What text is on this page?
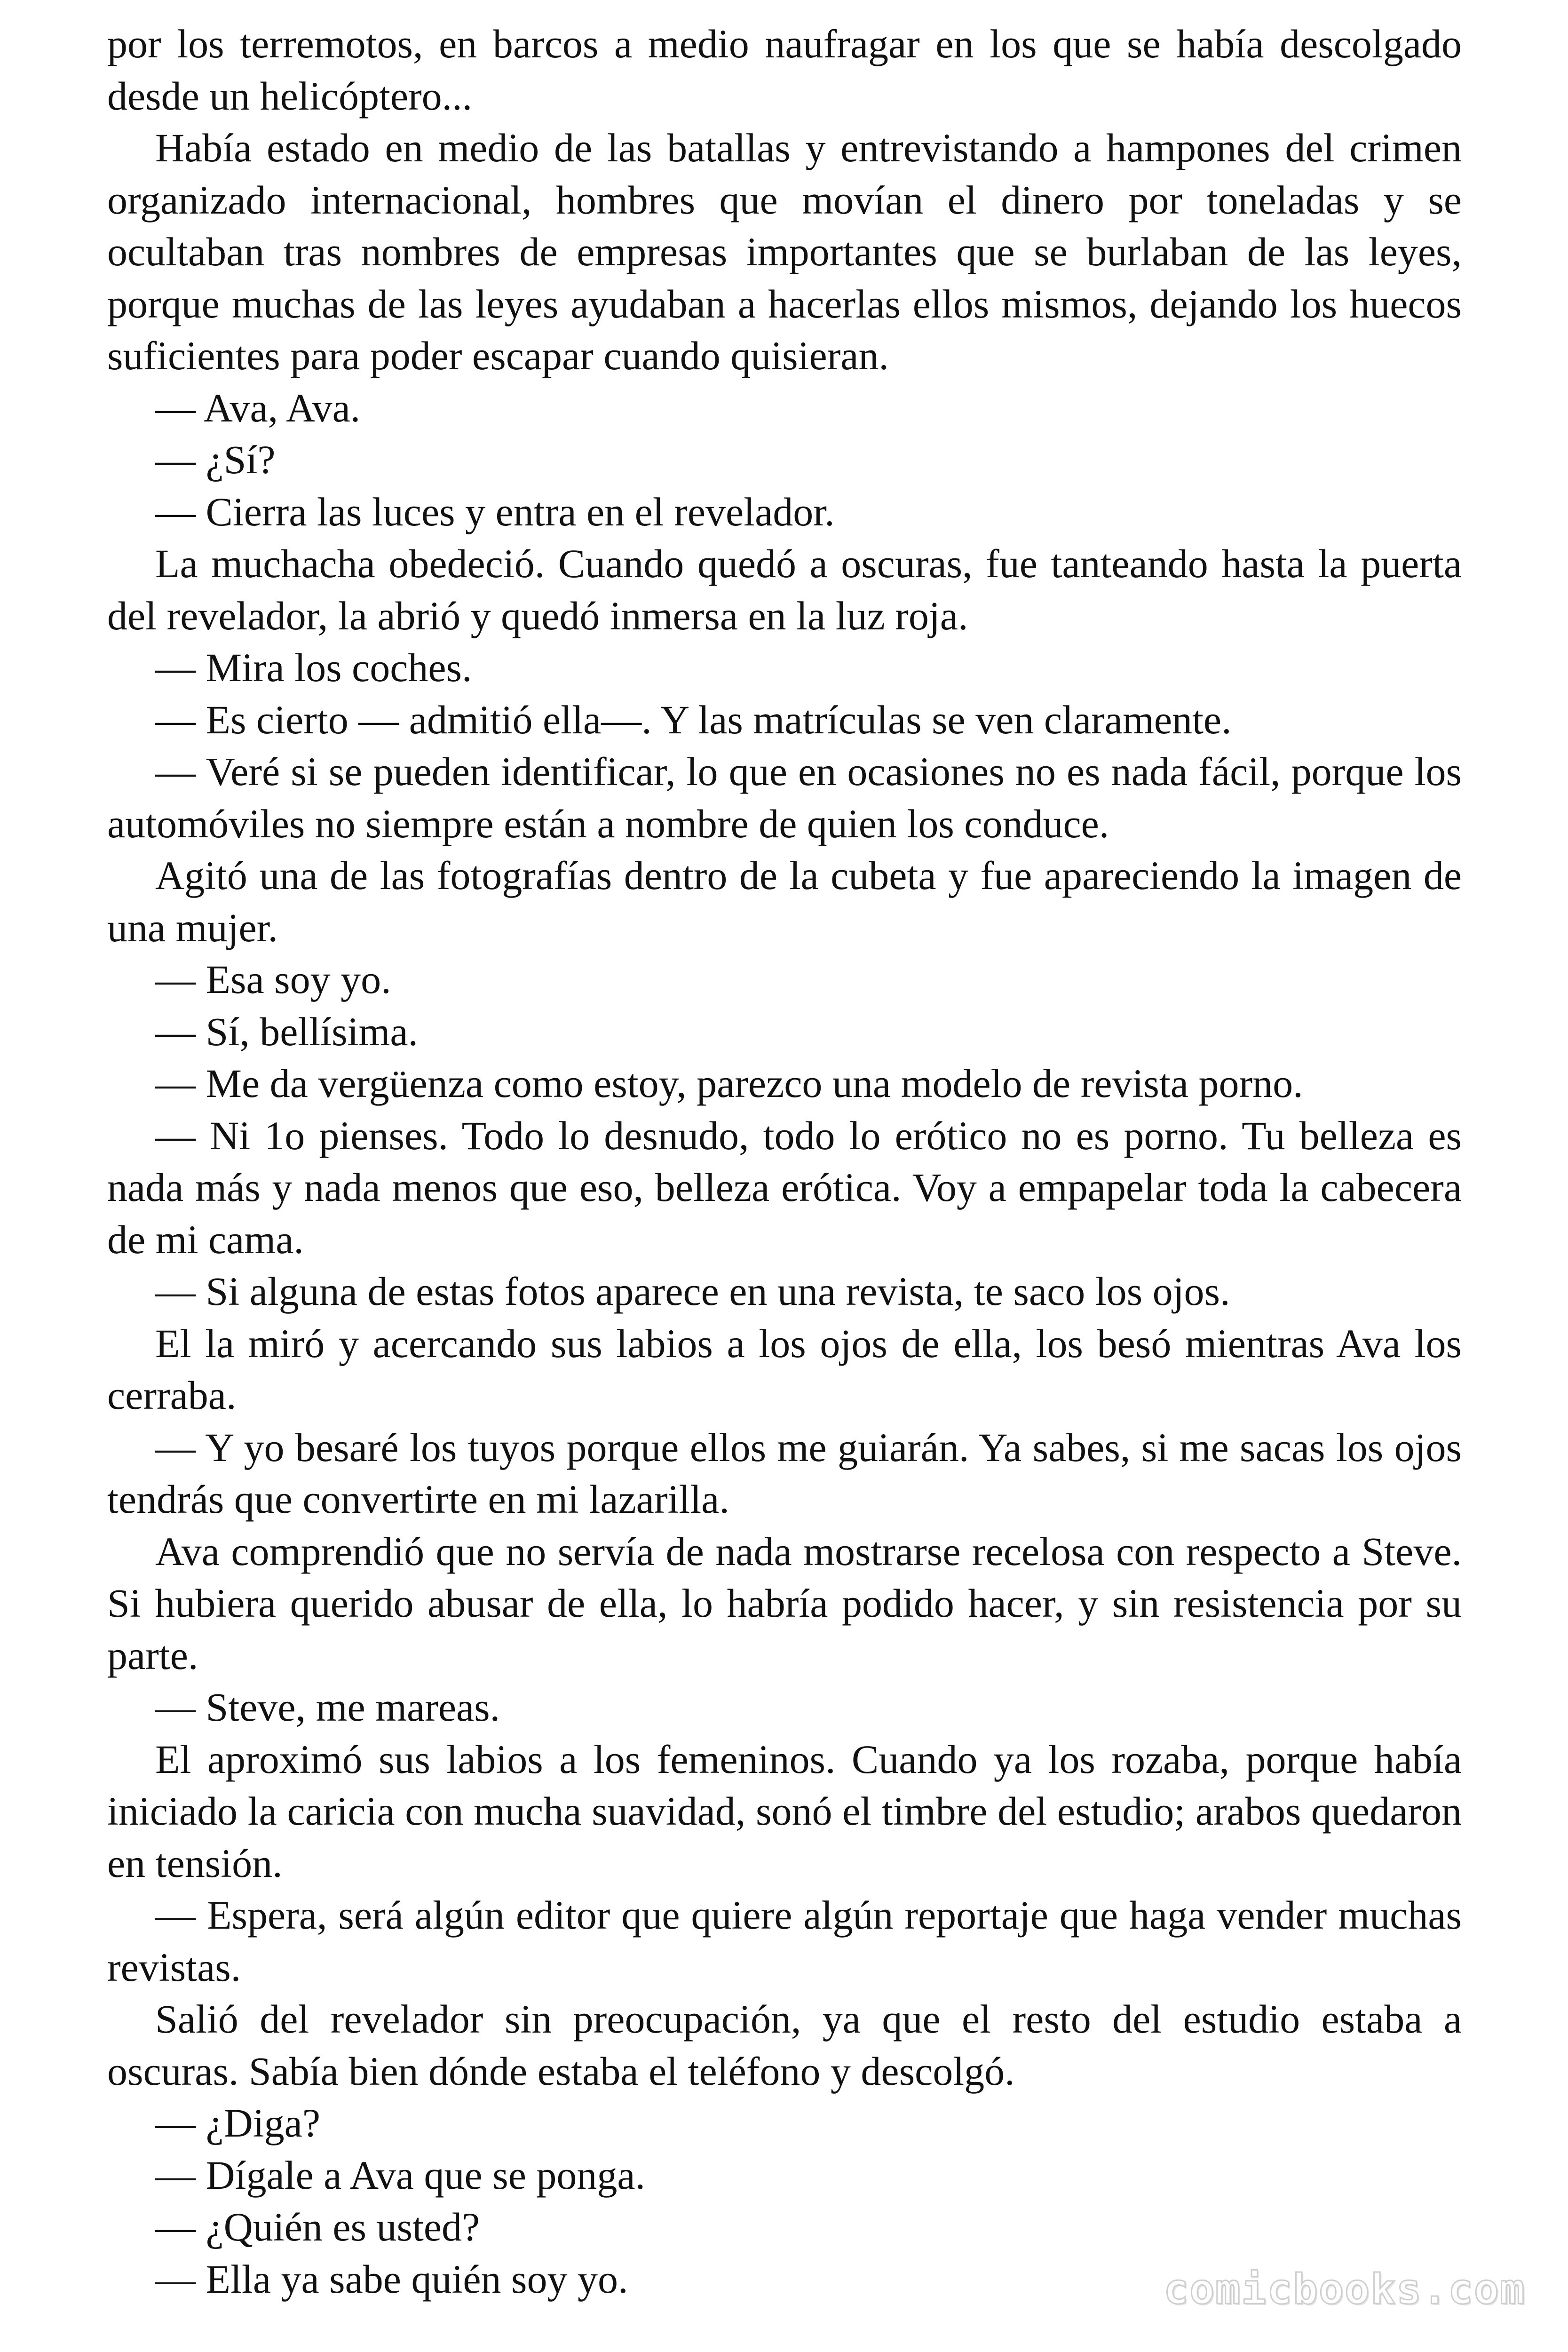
por los terremotos, en barcos a medio naufragar en los que se había descolgado desde un helicóptero...

Había estado en medio de las batallas y entrevistando a hampones del crimen organizado internacional, hombres que movían el dinero por toneladas y se ocultaban tras nombres de empresas importantes que se burlaban de las leyes, porque muchas de las leyes ayudaban a hacerlas ellos mismos, dejando los huecos suficientes para poder escapar cuando quisieran.

— Ava, Ava.

— ¿Sí?

— Cierra las luces y entra en el revelador.

La muchacha obedeció. Cuando quedó a oscuras, fue tanteando hasta la puerta del revelador, la abrió y quedó inmersa en la luz roja.

— Mira los coches.

— Es cierto — admitió ella—. Y las matrículas se ven claramente.

— Veré si se pueden identificar, lo que en ocasiones no es nada fácil, porque los automóviles no siempre están a nombre de quien los conduce.

Agitó una de las fotografías dentro de la cubeta y fue apareciendo la imagen de una mujer.

— Esa soy yo.

— Sí, bellísima.

— Me da vergüenza como estoy, parezco una modelo de revista porno.

— Ni 1o pienses. Todo lo desnudo, todo lo erótico no es porno. Tu belleza es nada más y nada menos que eso, belleza erótica. Voy a empapelar toda la cabecera de mi cama.

— Si alguna de estas fotos aparece en una revista, te saco los ojos.

El la miró y acercando sus labios a los ojos de ella, los besó mientras Ava los cerraba.

— Y yo besaré los tuyos porque ellos me guiarán. Ya sabes, si me sacas los ojos tendrás que convertirte en mi lazarilla.

Ava comprendió que no servía de nada mostrarse recelosa con respecto a Steve. Si hubiera querido abusar de ella, lo habría podido hacer, y sin resistencia por su parte.

— Steve, me mareas.

El aproximó sus labios a los femeninos. Cuando ya los rozaba, porque había iniciado la caricia con mucha suavidad, sonó el timbre del estudio; arabos quedaron en tensión.

— Espera, será algún editor que quiere algún reportaje que haga vender muchas revistas.

Salió del revelador sin preocupación, ya que el resto del estudio estaba a oscuras. Sabía bien dónde estaba el teléfono y descolgó.

— ¿Diga?

— Dígale a Ava que se ponga.

— ¿Quién es usted?

— Ella ya sabe quién soy yo.	comicbooks.com
